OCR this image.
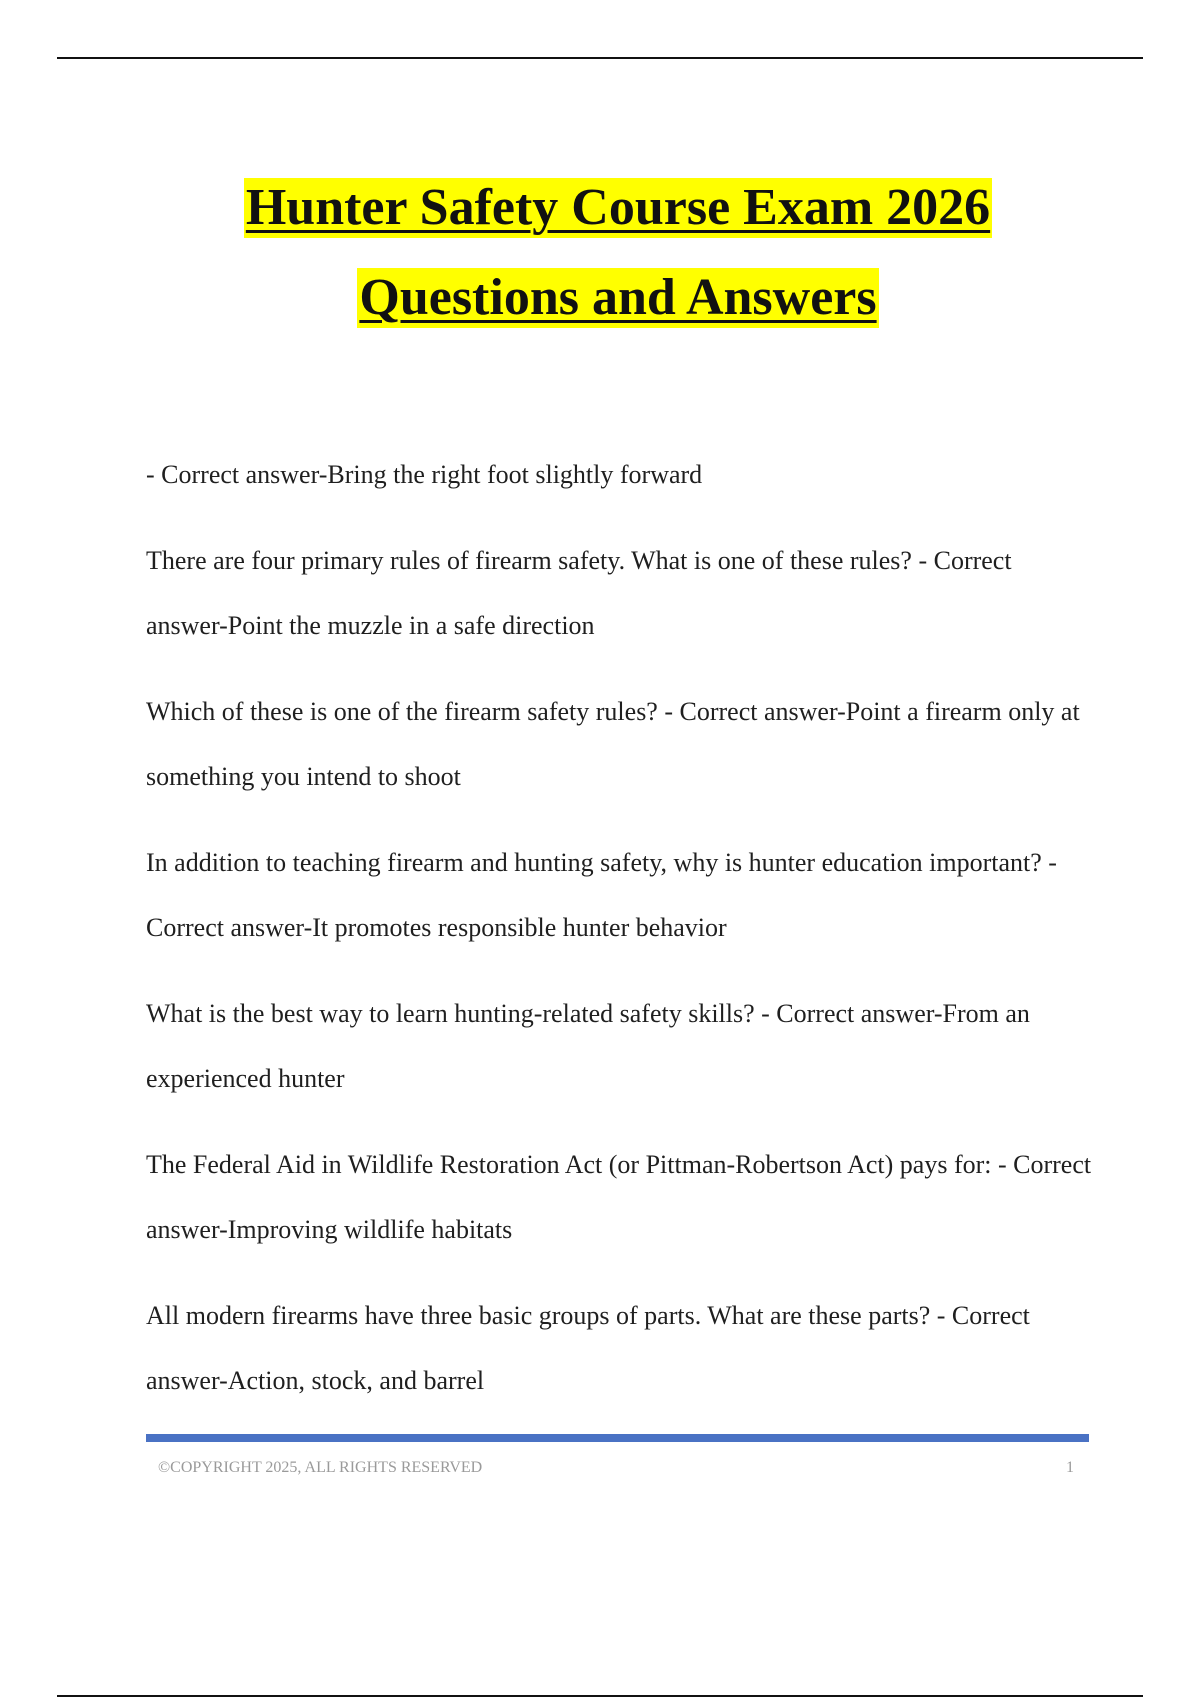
Hunter Safety Course Exam 2026
Questions and Answers

- Correct answer-Bring the right foot slightly forward

There are four primary rules of firearm safety. What is one of these rules? - Correct answer-Point the muzzle in a safe direction

Which of these is one of the firearm safety rules? - Correct answer-Point a firearm only at something you intend to shoot

In addition to teaching firearm and hunting safety, why is hunter education important? - Correct answer-It promotes responsible hunter behavior

What is the best way to learn hunting-related safety skills? - Correct answer-From an experienced hunter

The Federal Aid in Wildlife Restoration Act (or Pittman-Robertson Act) pays for: - Correct answer-Improving wildlife habitats

All modern firearms have three basic groups of parts. What are these parts? - Correct answer-Action, stock, and barrel

©COPYRIGHT 2025, ALL RIGHTS RESERVED	1
